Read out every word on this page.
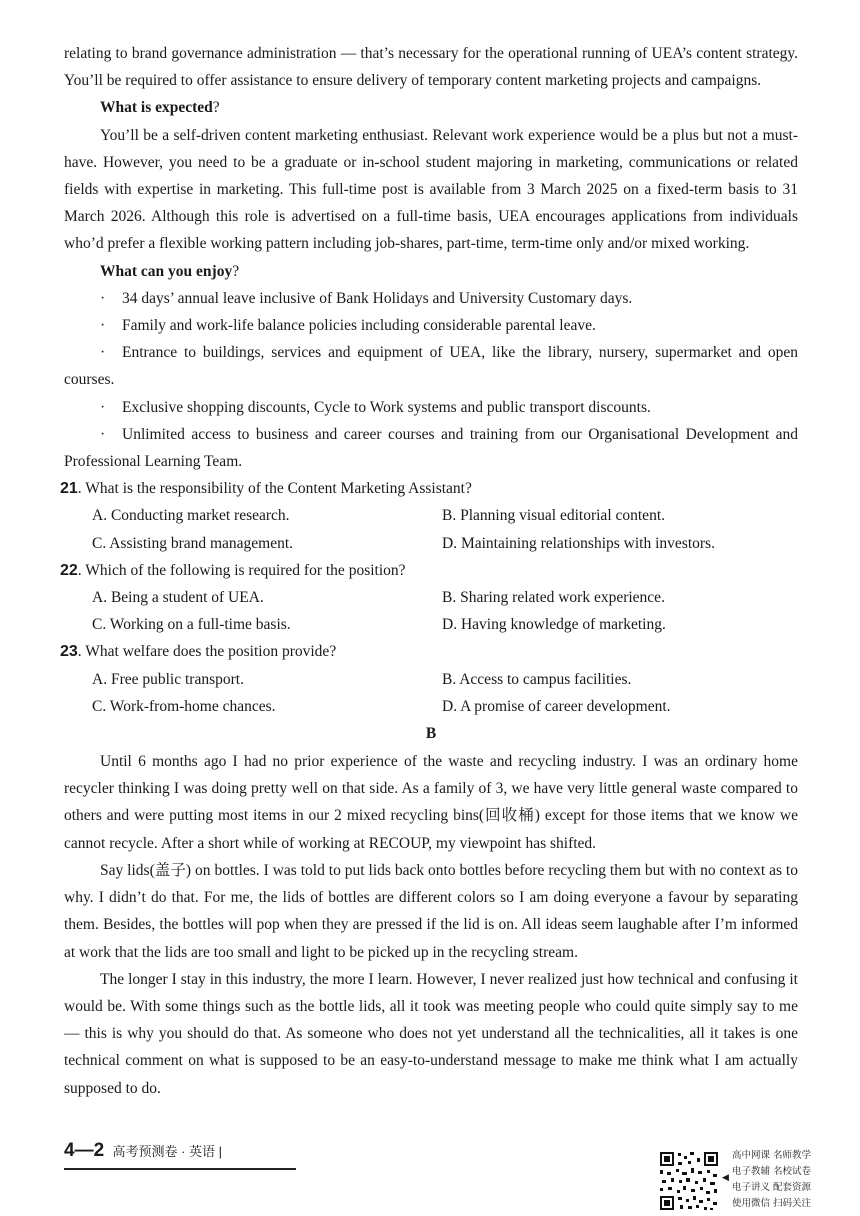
relating to brand governance administration — that’s necessary for the operational running of UEA’s content strategy. You’ll be required to offer assistance to ensure delivery of temporary content marketing projects and campaigns.

What is expected?

You’ll be a self-driven content marketing enthusiast. Relevant work experience would be a plus but not a must-have. However, you need to be a graduate or in-school student majoring in marketing, communications or related fields with expertise in marketing. This full-time post is available from 3 March 2025 on a fixed-term basis to 31 March 2026. Although this role is advertised on a full-time basis, UEA encourages applications from individuals who’d prefer a flexible working pattern including job-shares, part-time, term-time only and/or mixed working.

What can you enjoy?

· 34 days’ annual leave inclusive of Bank Holidays and University Customary days.

· Family and work-life balance policies including considerable parental leave.

· Entrance to buildings, services and equipment of UEA, like the library, nursery, supermarket and open courses.

· Exclusive shopping discounts, Cycle to Work systems and public transport discounts.

· Unlimited access to business and career courses and training from our Organisational Development and Professional Learning Team.

21. What is the responsibility of the Content Marketing Assistant?
A. Conducting market research.	B. Planning visual editorial content.
C. Assisting brand management.	D. Maintaining relationships with investors.
22. Which of the following is required for the position?
A. Being a student of UEA.	B. Sharing related work experience.
C. Working on a full-time basis.	D. Having knowledge of marketing.
23. What welfare does the position provide?
A. Free public transport.	B. Access to campus facilities.
C. Work-from-home chances.	D. A promise of career development.
B

Until 6 months ago I had no prior experience of the waste and recycling industry. I was an ordinary home recycler thinking I was doing pretty well on that side. As a family of 3, we have very little general waste compared to others and were putting most items in our 2 mixed recycling bins(回收桶) except for those items that we know we cannot recycle. After a short while of working at RECOUP, my viewpoint has shifted.

Say lids(盖子) on bottles. I was told to put lids back onto bottles before recycling them but with no context as to why. I didn’t do that. For me, the lids of bottles are different colors so I am doing everyone a favour by separating them. Besides, the bottles will pop when they are pressed if the lid is on. All ideas seem laughable after I’m informed at work that the lids are too small and light to be picked up in the recycling stream.

The longer I stay in this industry, the more I learn. However, I never realized just how technical and confusing it would be. With some things such as the bottle lids, all it took was meeting people who could quite simply say to me — this is why you should do that. As someone who does not yet understand all the technicalities, all it takes is one technical comment on what is supposed to be an easy-to-understand message to make me think what I am actually supposed to do.

4—2 高考预测卷 · 英语 |
◀
高中网课 名师教学
电子教辅 名校试卷
电子讲义 配套资源
使用微信 扫码关注
